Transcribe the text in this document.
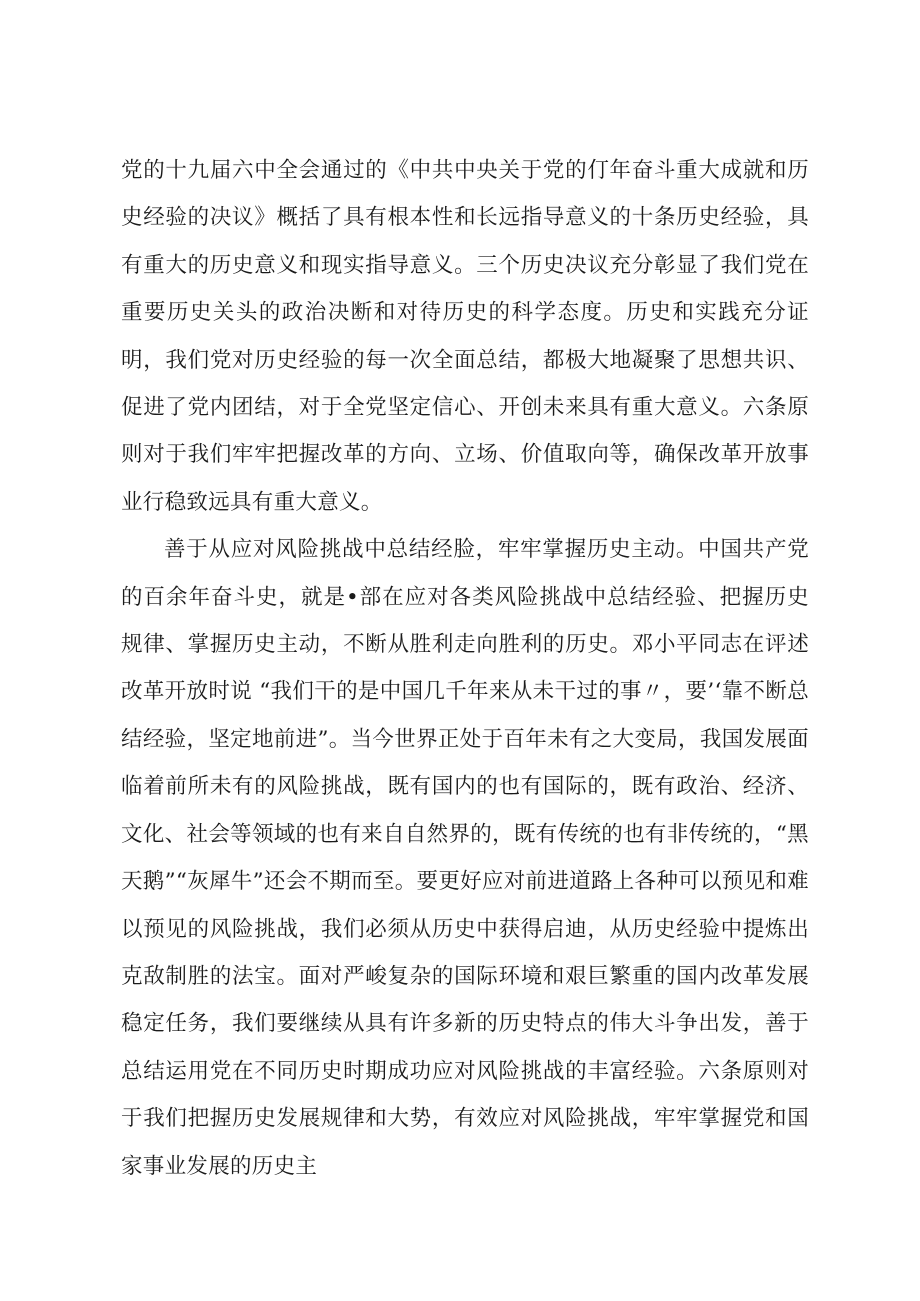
党的十九届六中全会通过的《中共中央关于党的仃年奋斗重大成就和历史经验的决议》概括了具有根本性和长远指导意义的十条历史经验，具有重大的历史意义和现实指导意义。三个历史决议充分彰显了我们党在重要历史关头的政治决断和对待历史的科学态度。历史和实践充分证明，我们党对历史经验的每一次全面总结，都极大地凝聚了思想共识、促进了党内团结，对于全党坚定信心、开创未来具有重大意义。六条原则对于我们牢牢把握改革的方向、立场、价值取向等，确保改革开放事业行稳致远具有重大意义。

善于从应对风险挑战中总结经脸，牢牢掌握历史主动。中国共产党的百余年奋斗史，就是•部在应对各类风险挑战中总结经验、把握历史规律、掌握历史主动，不断从胜利走向胜利的历史。邓小平同志在评述改革开放时说 “我们干的是中国几千年来从未干过的事〃，要’‘靠不断总结经验，坚定地前进”。当今世界正处于百年未有之大变局，我国发展面临着前所未有的风险挑战，既有国内的也有国际的，既有政治、经济、文化、社会等领域的也有来自自然界的，既有传统的也有非传统的，“黑天鹅”“灰犀牛”还会不期而至。要更好应对前进道路上各种可以预见和难以预见的风险挑战，我们必须从历史中获得启迪，从历史经验中提炼出克敌制胜的法宝。面对严峻复杂的国际环境和艰巨繁重的国内改革发展稳定任务，我们要继续从具有许多新的历史特点的伟大斗争出发，善于总结运用党在不同历史时期成功应对风险挑战的丰富经验。六条原则对于我们把握历史发展规律和大势，有效应对风险挑战，牢牢掌握党和国家事业发展的历史主
